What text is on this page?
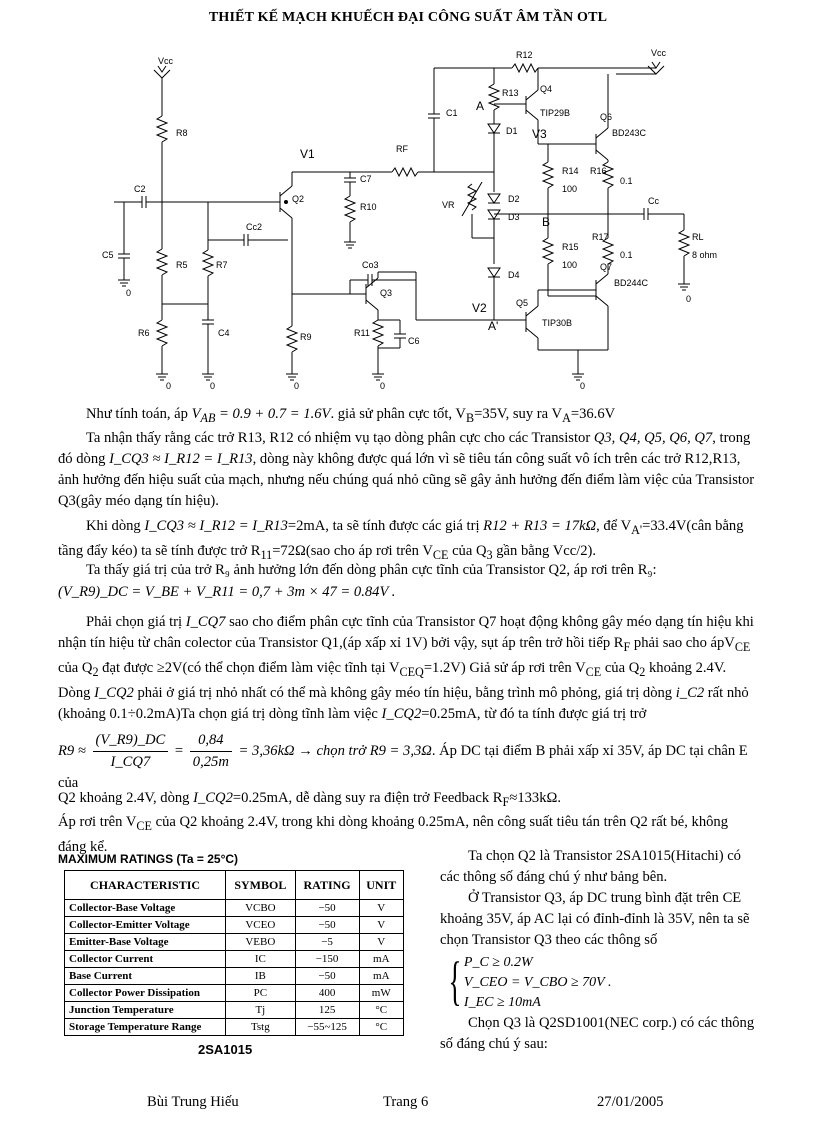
THIẾT KẾ MẠCH KHUẾCH ĐẠI CÔNG SUẤT ÂM TẦN OTL
Vcc
R8
C2
C5
0
R5
R6
0
R7
C4
0
Cc2
Q2
R9
0
V1	RF
C7
R10
C1
R12	Vcc
R13
A
D1
VR
D2
D3
D4
V2
A'
Q4
TIP29B	Q6
BD243C
V3
R14
100
R16
0.1
B
Cc
RL
8 ohm
0
R15
100
R17
0.1
Q7
BD244C
Q5
TIP30B
0
Co3
Q3
R11
C6
0
Như tính toán, áp $V_{AB} = 0.9 + 0.7 = 1.6V$. giả sử phân cực tốt, $V_B=35V$, suy ra $V_A=36.6V$
Ta nhận thấy rằng các trở R13, R12 có nhiệm vụ tạo dòng phân cực cho các Transistor Q3, Q4, Q5, Q6, Q7, trong đó dòng I_CQ3 ≈ I_R12 = I_R13, dòng này không được quá lớn vì sẽ tiêu tán công suất vô ích trên các trở R12,R13, ảnh hưởng đến hiệu suất của mạch, nhưng nếu chúng quá nhỏ cũng sẽ gây ảnh hưởng đến điểm làm việc của Transistor Q3(gây méo dạng tín hiệu).
Khi dòng I_CQ3 ≈ I_R12 = I_R13=2mA, ta sẽ tính được các giá trị R12 + R13 = 17kΩ, để $V_{A'}=33.4V(cân$ bằng tầng đẩy kéo) ta sẽ tính được trở $R_{11}=72\Omega(sao$ cho áp rơi trên $V_{CE}$ của $Q_3$ gần bằng Vcc/2).
Ta thấy giá trị của trở R₉ ảnh hưởng lớn đến dòng phân cực tĩnh của Transistor Q2, áp rơi trên R₉:
(V_R9)_DC = V_BE + V_R11 = 0,7 + 3m × 47 = 0.84V .
Phải chọn giá trị I_CQ7 sao cho điểm phân cực tĩnh của Transistor Q7 hoạt động không gây méo dạng tín hiệu khi nhận tín hiệu từ chân colector của Transistor Q1,(áp xấp xỉ 1V) bởi vậy, sụt áp trên trở hồi tiếp $R_F$ phải sao cho ápV$_{CE}$ của $Q_2$ đạt được ≥2V(có thể chọn điểm làm việc tĩnh tại $V_{CEQ}=1.2V$) Giả sử áp rơi trên $V_{CE}$ của $Q_2$ khoảng 2.4V. Dòng I_CQ2 phải ở giá trị nhỏ nhất có thể mà không gây méo tín hiệu, bằng trình mô phỏng, giá trị dòng i_C2 rất nhỏ (khoảng 0.1÷0.2mA)Ta chọn giá trị dòng tĩnh làm việc I_CQ2=0.25mA, từ đó ta tính được giá trị trở
$R9 \approx \frac{(V\_R9)\_DC}{I\_CQ7} = \frac{0,84}{0,25m} = 3,36k\Omega$ → chọn trở R9 = 3,3Ω. Áp DC tại điểm B phải xấp xỉ 35V, áp DC tại chân E của
Q2 khoảng 2.4V, dòng I_CQ2=0.25mA, dễ dàng suy ra điện trở Feedback $R_F\approx 133k\Omega$.
Áp rơi trên $V_{CE}$ của Q2 khoảng 2.4V, trong khi dòng khoảng 0.25mA, nên công suất tiêu tán trên Q2 rất bé, không đáng kể.
MAXIMUM RATINGS (Ta = 25°C)
CHARACTERISTIC	SYMBOL	RATING	UNIT
Collector-Base Voltage	VCBO	−50	V
Collector-Emitter Voltage	VCEO	−50	V
Emitter-Base Voltage	VEBO	−5	V
Collector Current	IC	−150	mA
Base Current	IB	−50	mA
Collector Power Dissipation	PC	400	mW
Junction Temperature	Tj	125	°C
Storage Temperature Range	Tstg	−55~125	°C
2SA1015
Ta chọn Q2 là Transistor 2SA1015(Hitachi) có các thông số đáng chú ý như bảng bên.
Ở Transistor Q3, áp DC trung bình đặt trên CE khoảng 35V, áp AC lại có đỉnh-đỉnh là 35V, nên ta sẽ chọn Transistor Q3 theo các thông số
{ P_C ≥ 0.2W
V_CEO = V_CBO ≥ 70V .
I_EC ≥ 10mA
Chọn Q3 là Q2SD1001(NEC corp.) có các thông số đáng chú ý sau:
Bùi Trung Hiếu	Trang 6	27/01/2005
